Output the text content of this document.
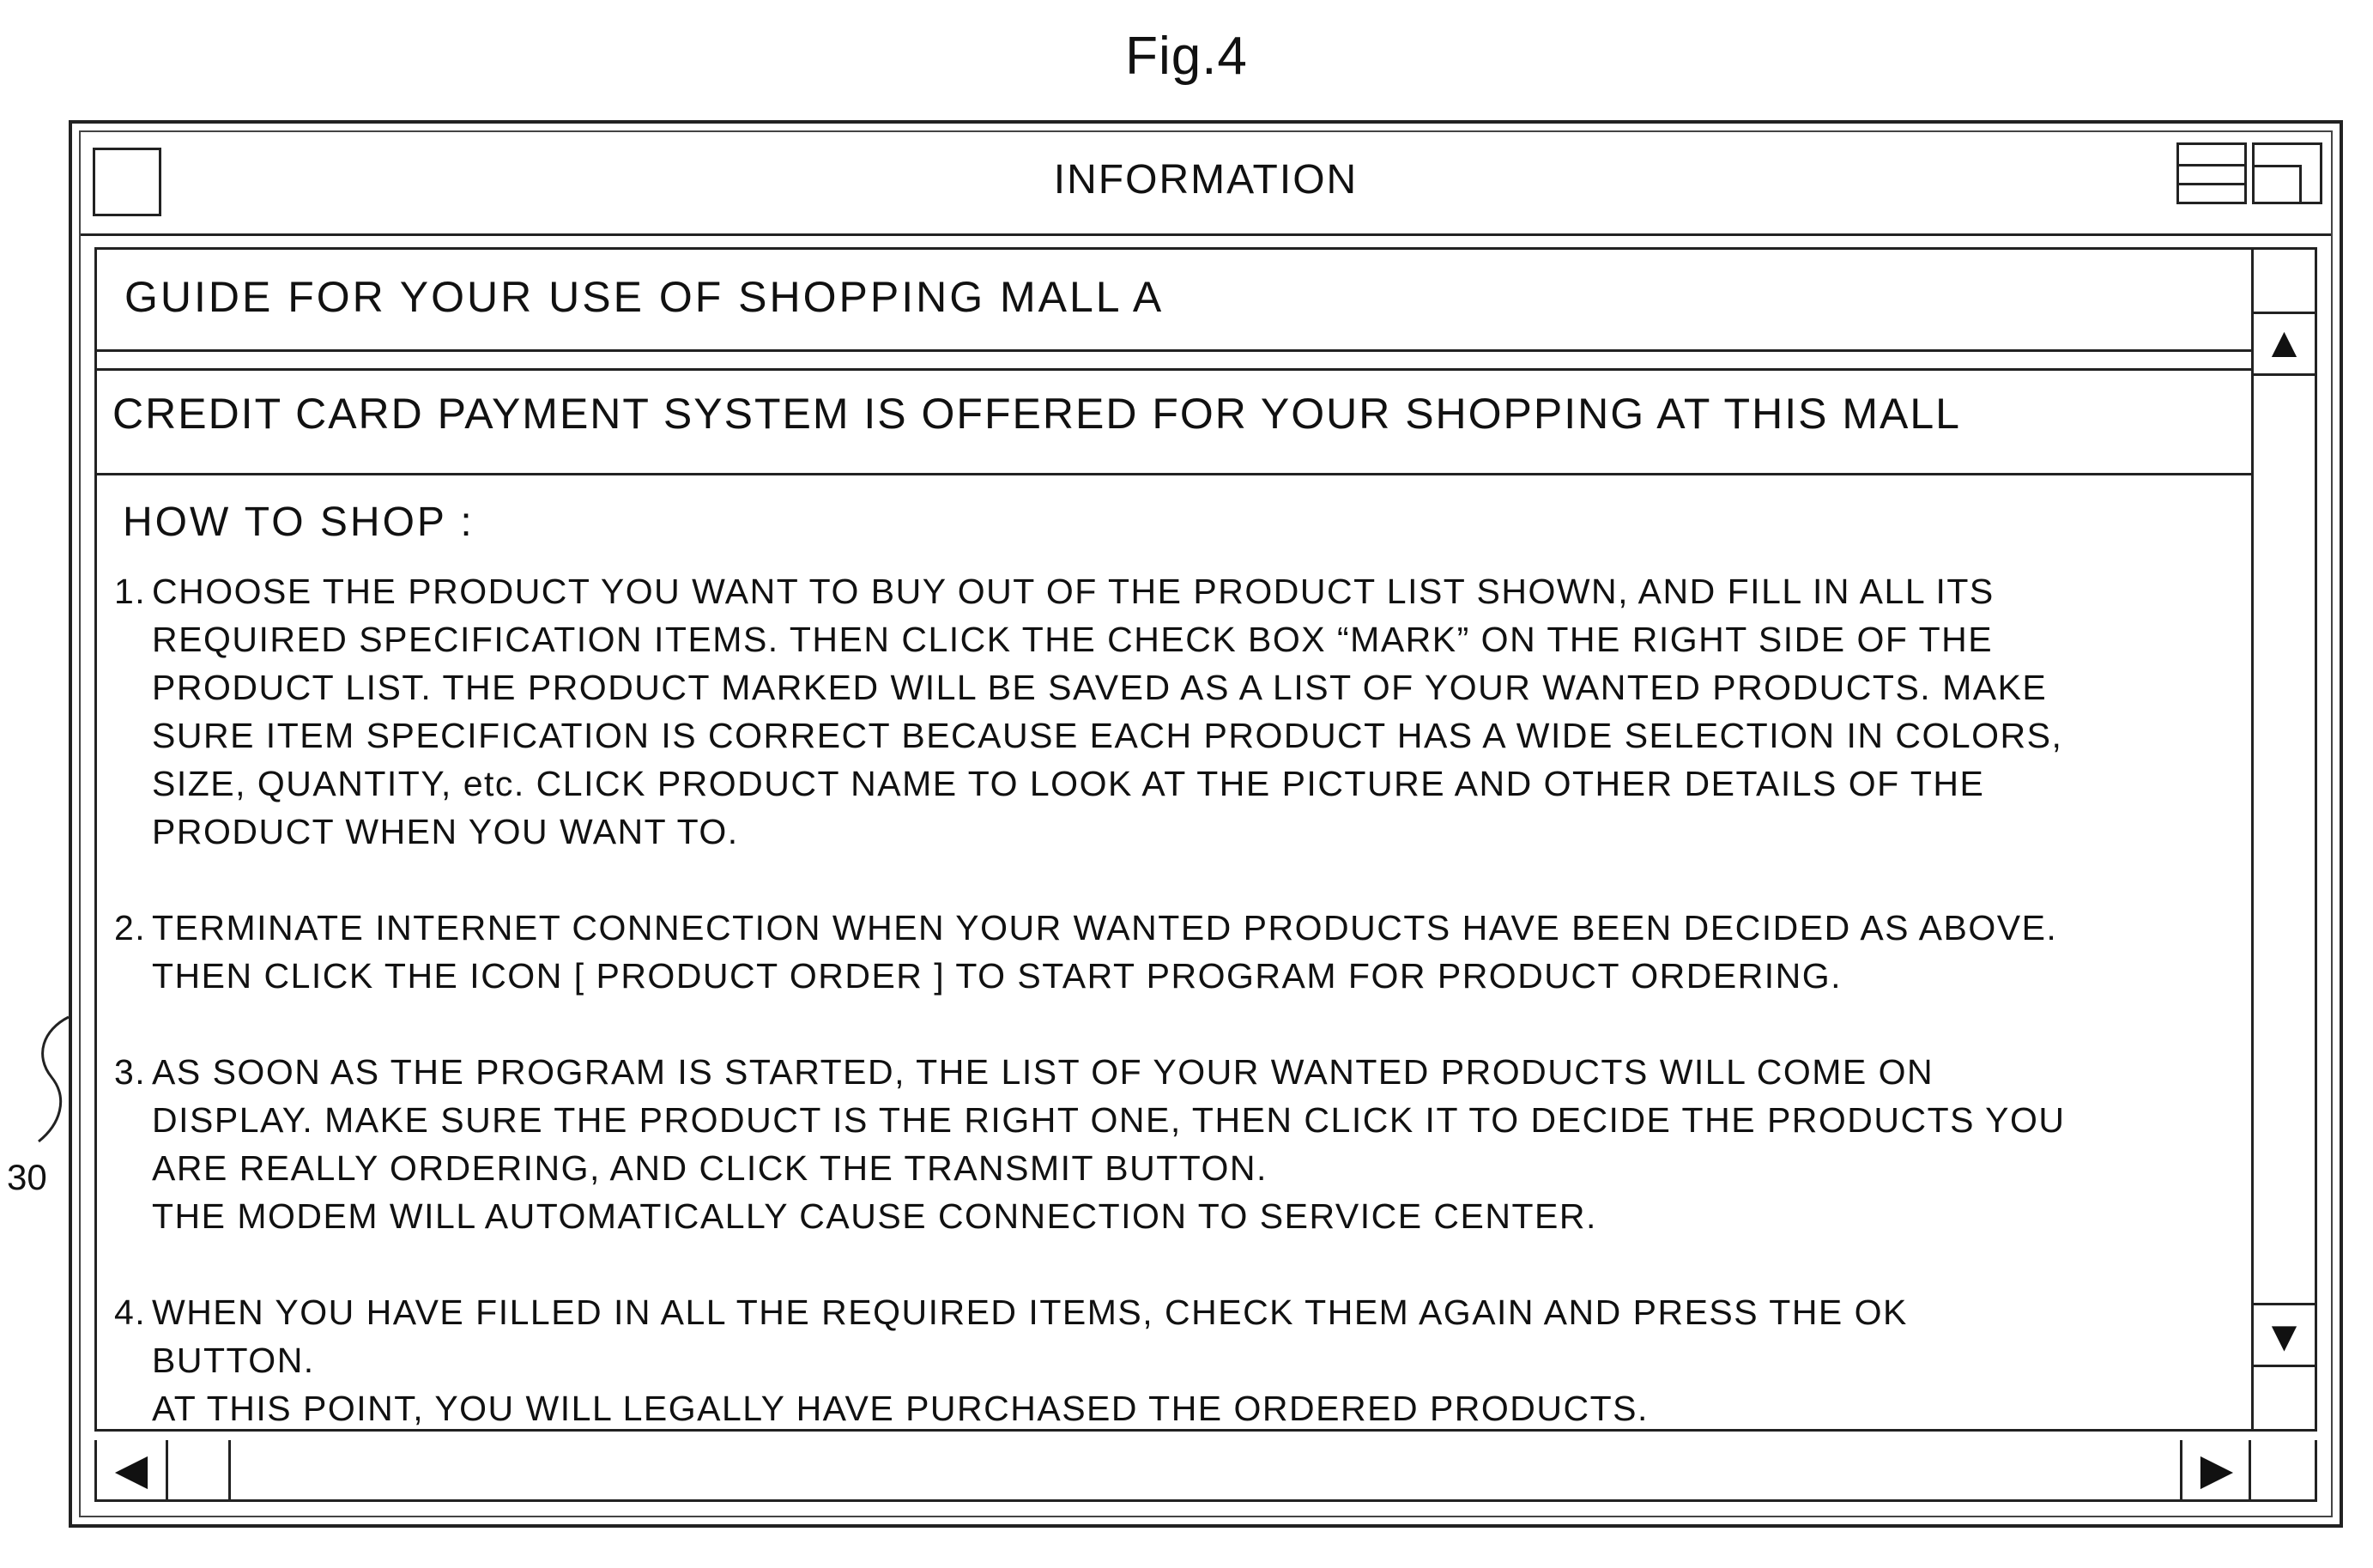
Fig.4
30
INFORMATION
GUIDE FOR YOUR USE OF SHOPPING MALL A
CREDIT CARD PAYMENT SYSTEM IS OFFERED FOR YOUR SHOPPING AT THIS MALL
HOW TO SHOP :

1. CHOOSE THE PRODUCT YOU WANT TO BUY OUT OF THE PRODUCT LIST SHOWN, AND FILL IN ALL ITS

REQUIRED SPECIFICATION ITEMS. THEN CLICK THE CHECK BOX “MARK” ON THE RIGHT SIDE OF THE

PRODUCT LIST. THE PRODUCT MARKED WILL BE SAVED AS A LIST OF YOUR WANTED PRODUCTS. MAKE

SURE ITEM SPECIFICATION IS CORRECT BECAUSE EACH PRODUCT HAS A WIDE SELECTION IN COLORS,

SIZE, QUANTITY, etc. CLICK PRODUCT NAME TO LOOK AT THE PICTURE AND OTHER DETAILS OF THE

PRODUCT WHEN YOU WANT TO.

2. TERMINATE INTERNET CONNECTION WHEN YOUR WANTED PRODUCTS HAVE BEEN DECIDED AS ABOVE.

THEN CLICK THE ICON [ PRODUCT ORDER ] TO START PROGRAM FOR PRODUCT ORDERING.

3. AS SOON AS THE PROGRAM IS STARTED, THE LIST OF YOUR WANTED PRODUCTS WILL COME ON

DISPLAY. MAKE SURE THE PRODUCT IS THE RIGHT ONE, THEN CLICK IT TO DECIDE THE PRODUCTS YOU

ARE REALLY ORDERING, AND CLICK THE TRANSMIT BUTTON.

THE MODEM WILL AUTOMATICALLY CAUSE CONNECTION TO SERVICE CENTER.

4. WHEN YOU HAVE FILLED IN ALL THE REQUIRED ITEMS, CHECK THEM AGAIN AND PRESS THE OK

BUTTON.

AT THIS POINT, YOU WILL LEGALLY HAVE PURCHASED THE ORDERED PRODUCTS.

▲
▼
◀	▶
